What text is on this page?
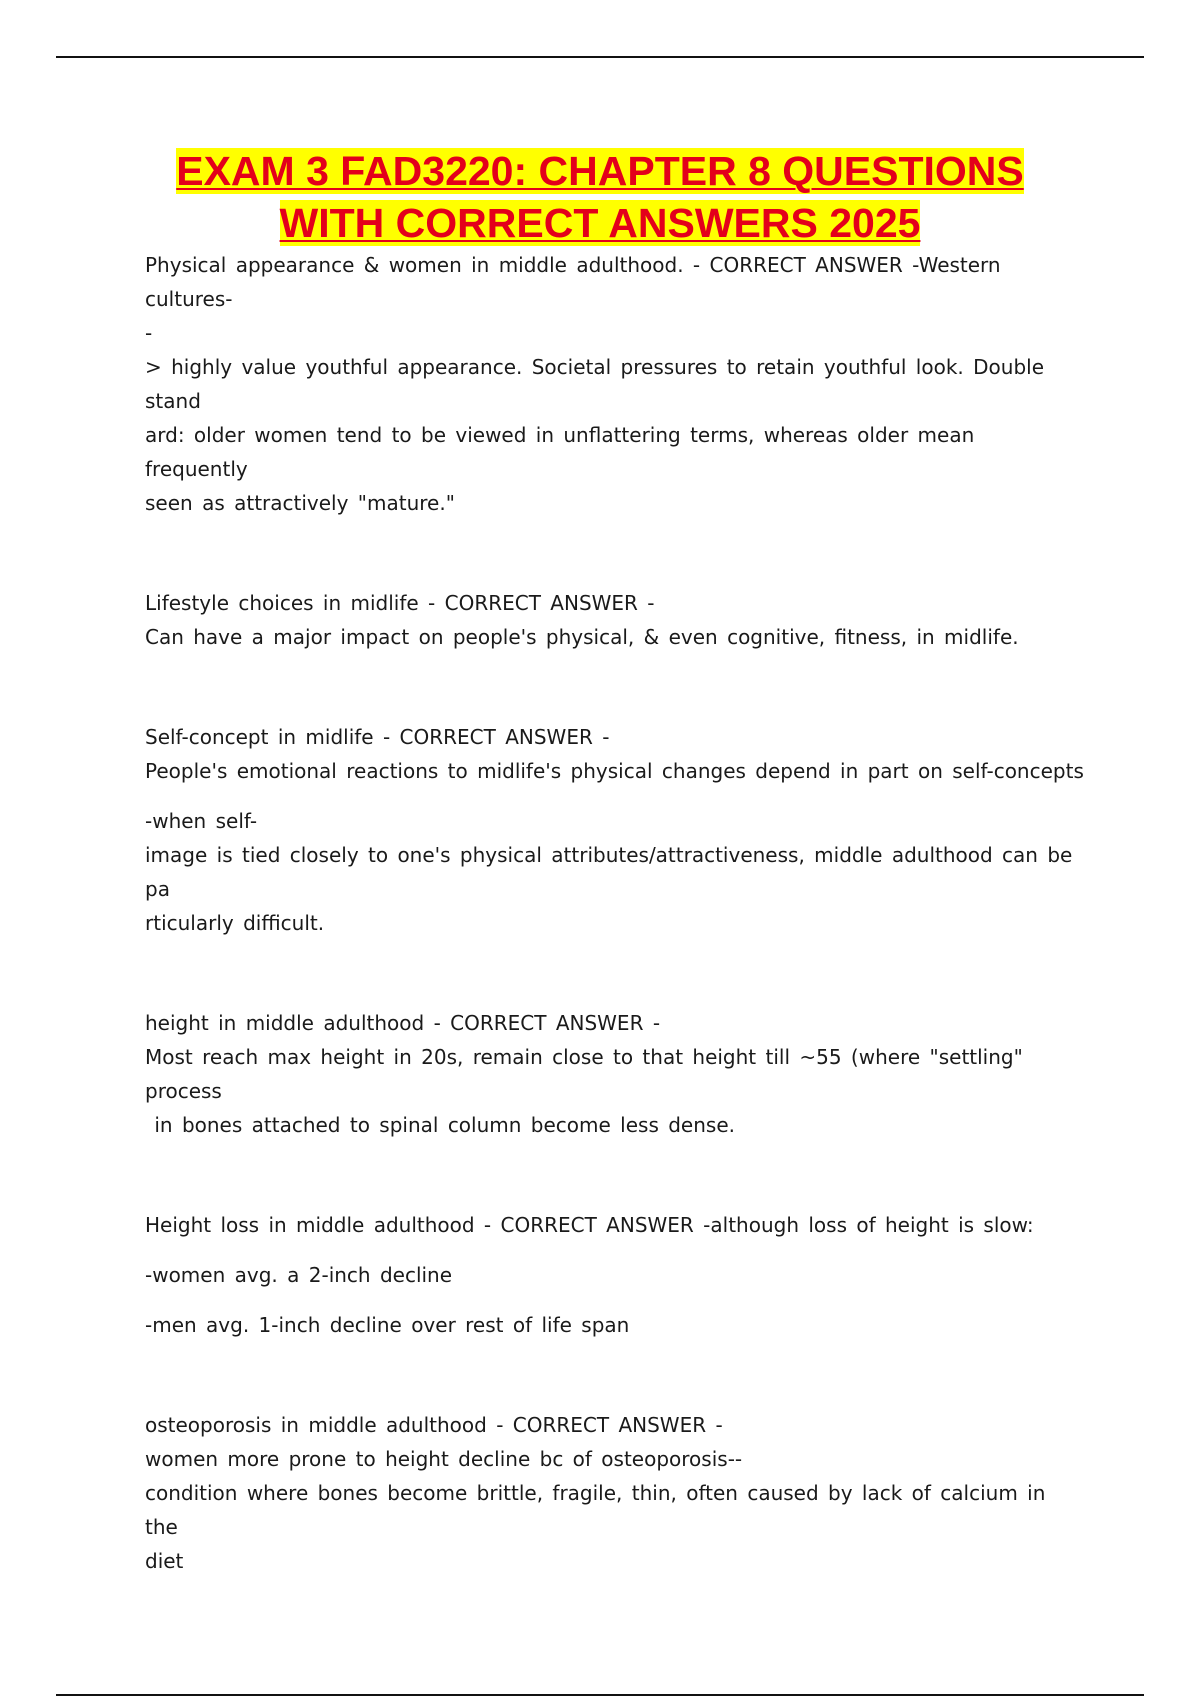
EXAM 3 FAD3220: CHAPTER 8 QUESTIONS
WITH CORRECT ANSWERS 2025

Physical appearance & women in middle adulthood. - CORRECT ANSWER -Western cultures-

-

> highly value youthful appearance. Societal pressures to retain youthful look. Double stand

ard: older women tend to be viewed in unflattering terms, whereas older mean frequently

seen as attractively "mature."

Lifestyle choices in midlife - CORRECT ANSWER -

Can have a major impact on people's physical, & even cognitive, fitness, in midlife.

Self-concept in midlife - CORRECT ANSWER -

People's emotional reactions to midlife's physical changes depend in part on self-concepts

-when self-

image is tied closely to one's physical attributes/attractiveness, middle adulthood can be pa

rticularly difficult.

height in middle adulthood - CORRECT ANSWER -

Most reach max height in 20s, remain close to that height till ~55 (where "settling" process

in bones attached to spinal column become less dense.

Height loss in middle adulthood - CORRECT ANSWER -although loss of height is slow:

-women avg. a 2-inch decline

-men avg. 1-inch decline over rest of life span

osteoporosis in middle adulthood - CORRECT ANSWER -

women more prone to height decline bc of osteoporosis--

condition where bones become brittle, fragile, thin, often caused by lack of calcium in the

diet
